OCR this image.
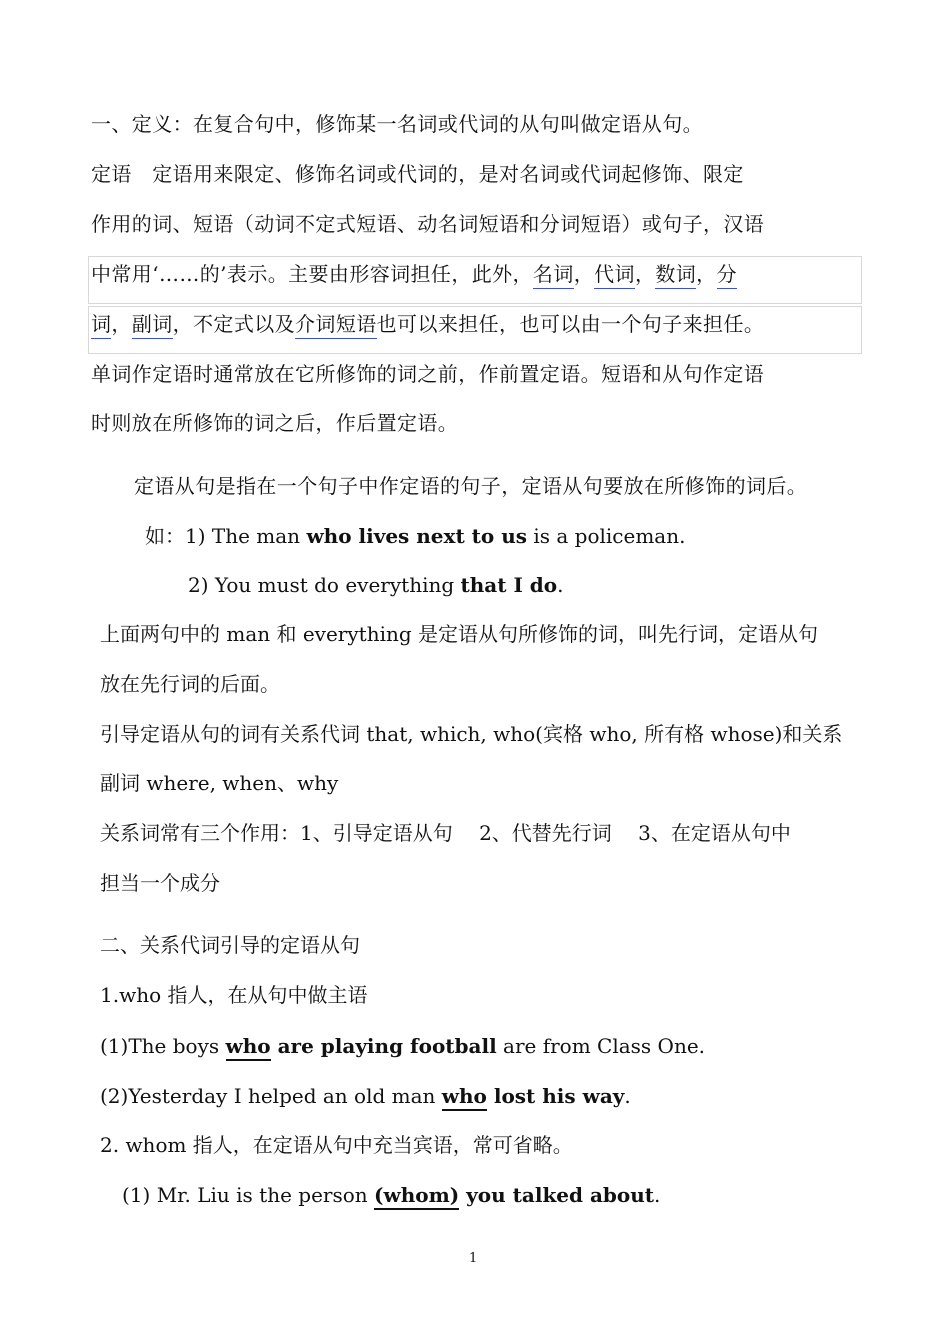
一、定义：在复合句中，修饰某一名词或代词的从句叫做定语从句。
定语　定语用来限定、修饰名词或代词的，是对名词或代词起修饰、限定
作用的词、短语（动词不定式短语、动名词短语和分词短语）或句子，汉语
中常用‘……的’表示。主要由形容词担任，此外，名词，代词，数词，分
词，副词，不定式以及介词短语也可以来担任，也可以由一个句子来担任。
单词作定语时通常放在它所修饰的词之前，作前置定语。短语和从句作定语
时则放在所修饰的词之后，作后置定语。
定语从句是指在一个句子中作定语的句子，定语从句要放在所修饰的词后。
如：1) The man who lives next to us is a policeman.
2) You must do everything that I do.
上面两句中的 man 和 everything 是定语从句所修饰的词，叫先行词，定语从句
放在先行词的后面。
引导定语从句的词有关系代词 that, which, who(宾格 who, 所有格 whose)和关系
副词 where, when、why
关系词常有三个作用：1、引导定语从句　 2、代替先行词　 3、在定语从句中
担当一个成分
二、关系代词引导的定语从句
1.who 指人，在从句中做主语
(1)The boys who are playing football are from Class One.
(2)Yesterday I helped an old man who lost his way.
2. whom 指人，在定语从句中充当宾语，常可省略。
(1) Mr. Liu is the person (whom) you talked about.
1
